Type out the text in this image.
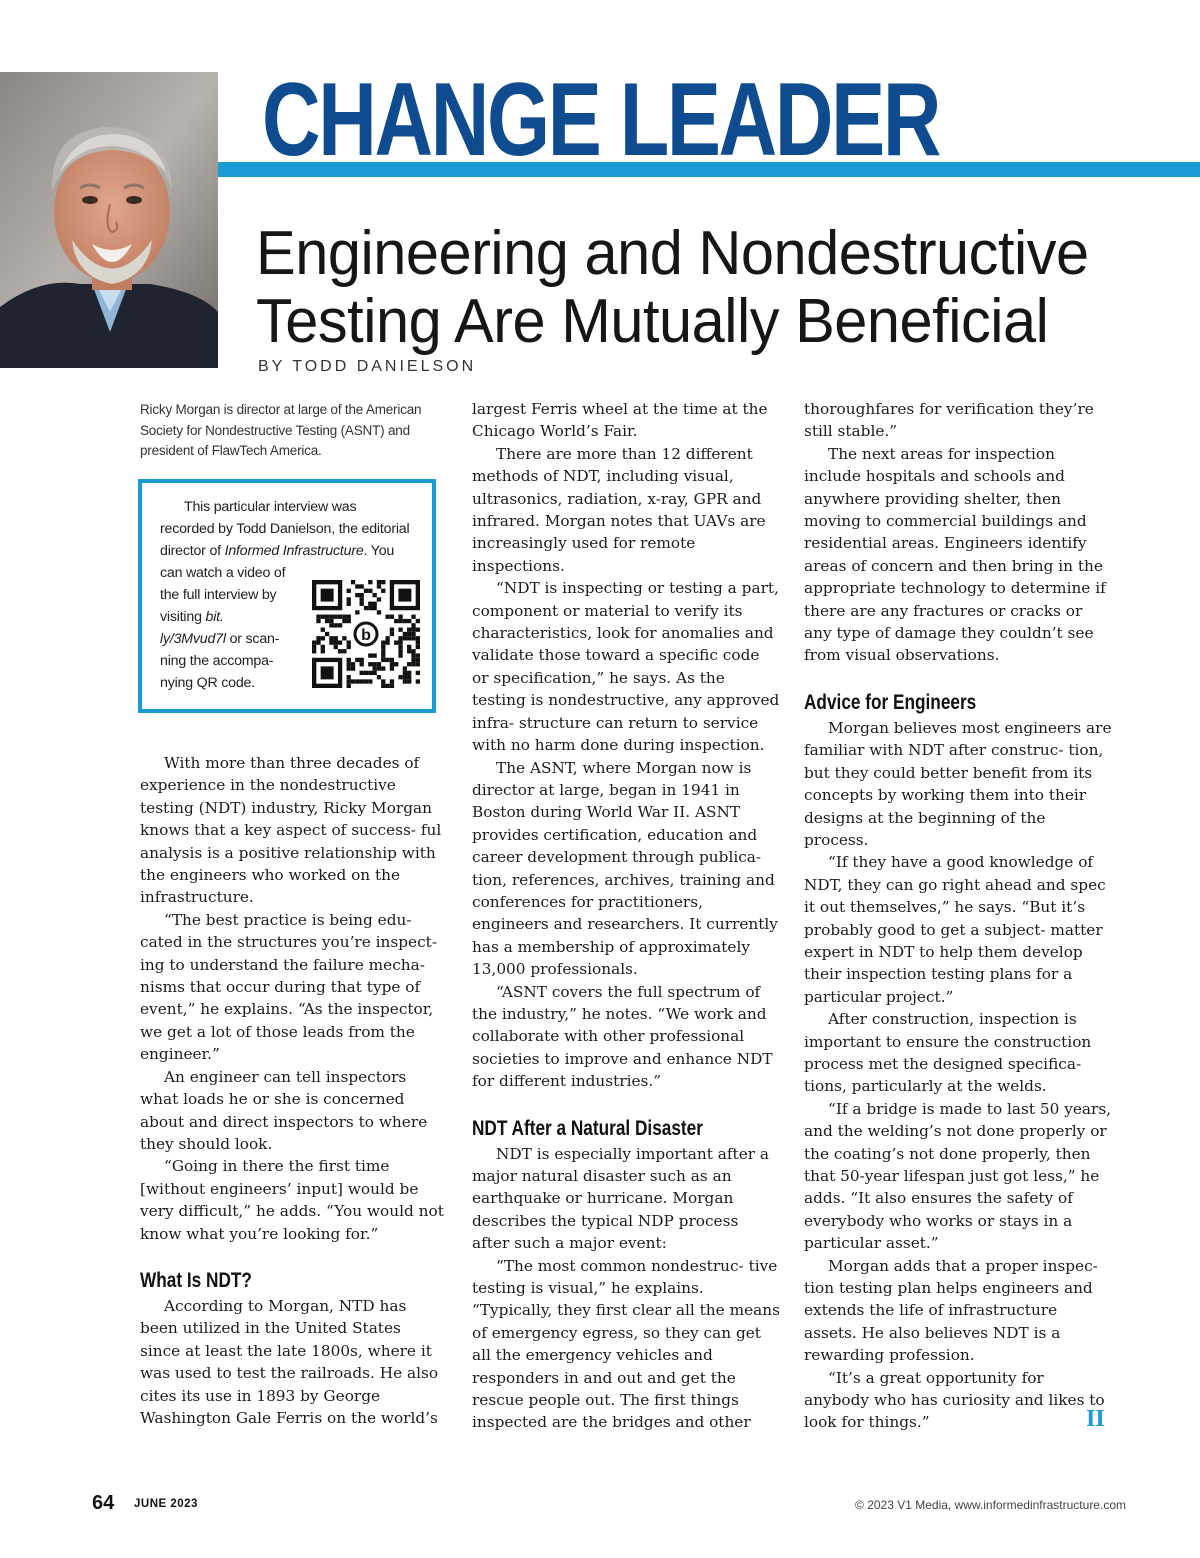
CHANGE LEADER
Engineering and Nondestructive
Testing Are Mutually Beneficial
BY TODD DANIELSON
Ricky Morgan is director at large of the American Society for Nondestructive Testing (ASNT) and president of FlawTech America.
This particular interview was
recorded by Todd Danielson, the editorial director of Informed Infrastructure. You
can watch a video of the full interview by visiting bit. ly/3Mvud7l or scan- ning the accompa- nying QR code.
b

With more than three decades of experience in the nondestructive testing (NDT) industry, Ricky Morgan knows that a key aspect of success- ful analysis is a positive relationship with the engineers who worked on the infrastructure.

“The best practice is being edu- cated in the structures you’re inspect- ing to understand the failure mecha- nisms that occur during that type of event,” he explains. “As the inspector, we get a lot of those leads from the engineer.”

An engineer can tell inspectors what loads he or she is concerned about and direct inspectors to where they should look.

“Going in there the first time [without engineers’ input] would be very difficult,” he adds. “You would not know what you’re looking for.”

What Is NDT?

According to Morgan, NTD has been utilized in the United States since at least the late 1800s, where it was used to test the railroads. He also cites its use in 1893 by George Washington Gale Ferris on the world’s

largest Ferris wheel at the time at the Chicago World’s Fair.

There are more than 12 different methods of NDT, including visual, ultrasonics, radiation, x-ray, GPR and infrared. Morgan notes that UAVs are increasingly used for remote inspections.

“NDT is inspecting or testing a part, component or material to verify its characteristics, look for anomalies and validate those toward a specific code or specification,” he says. As the testing is nondestructive, any approved infra- structure can return to service with no harm done during inspection.

The ASNT, where Morgan now is director at large, began in 1941 in Boston during World War II. ASNT provides certification, education and career development through publica- tion, references, archives, training and conferences for practitioners, engineers and researchers. It currently has a membership of approximately 13,000 professionals.

“ASNT covers the full spectrum of the industry,” he notes. “We work and collaborate with other professional societies to improve and enhance NDT for different industries.”

NDT After a Natural Disaster

NDT is especially important after a major natural disaster such as an earthquake or hurricane. Morgan describes the typical NDP process after such a major event:

“The most common nondestruc- tive testing is visual,” he explains. “Typically, they first clear all the means of emergency egress, so they can get all the emergency vehicles and responders in and out and get the rescue people out. The first things inspected are the bridges and other

thoroughfares for verification they’re still stable.”

The next areas for inspection include hospitals and schools and anywhere providing shelter, then moving to commercial buildings and residential areas. Engineers identify areas of concern and then bring in the appropriate technology to determine if there are any fractures or cracks or any type of damage they couldn’t see from visual observations.

Advice for Engineers

Morgan believes most engineers are familiar with NDT after construc- tion, but they could better benefit from its concepts by working them into their designs at the beginning of the process.

“If they have a good knowledge of NDT, they can go right ahead and spec it out themselves,” he says. “But it’s probably good to get a subject- matter expert in NDT to help them develop their inspection testing plans for a particular project.”

After construction, inspection is important to ensure the construction process met the designed specifica- tions, particularly at the welds.

“If a bridge is made to last 50 years, and the welding’s not done properly or the coating’s not done properly, then that 50-year lifespan just got less,” he adds. “It also ensures the safety of everybody who works or stays in a particular asset.”

Morgan adds that a proper inspec- tion testing plan helps engineers and extends the life of infrastructure assets. He also believes NDT is a rewarding profession.

“It’s a great opportunity for anybody who has curiosity and likes to look for things.”	II
64 JUNE 2023	© 2023 V1 Media, www.informedinfrastructure.com
